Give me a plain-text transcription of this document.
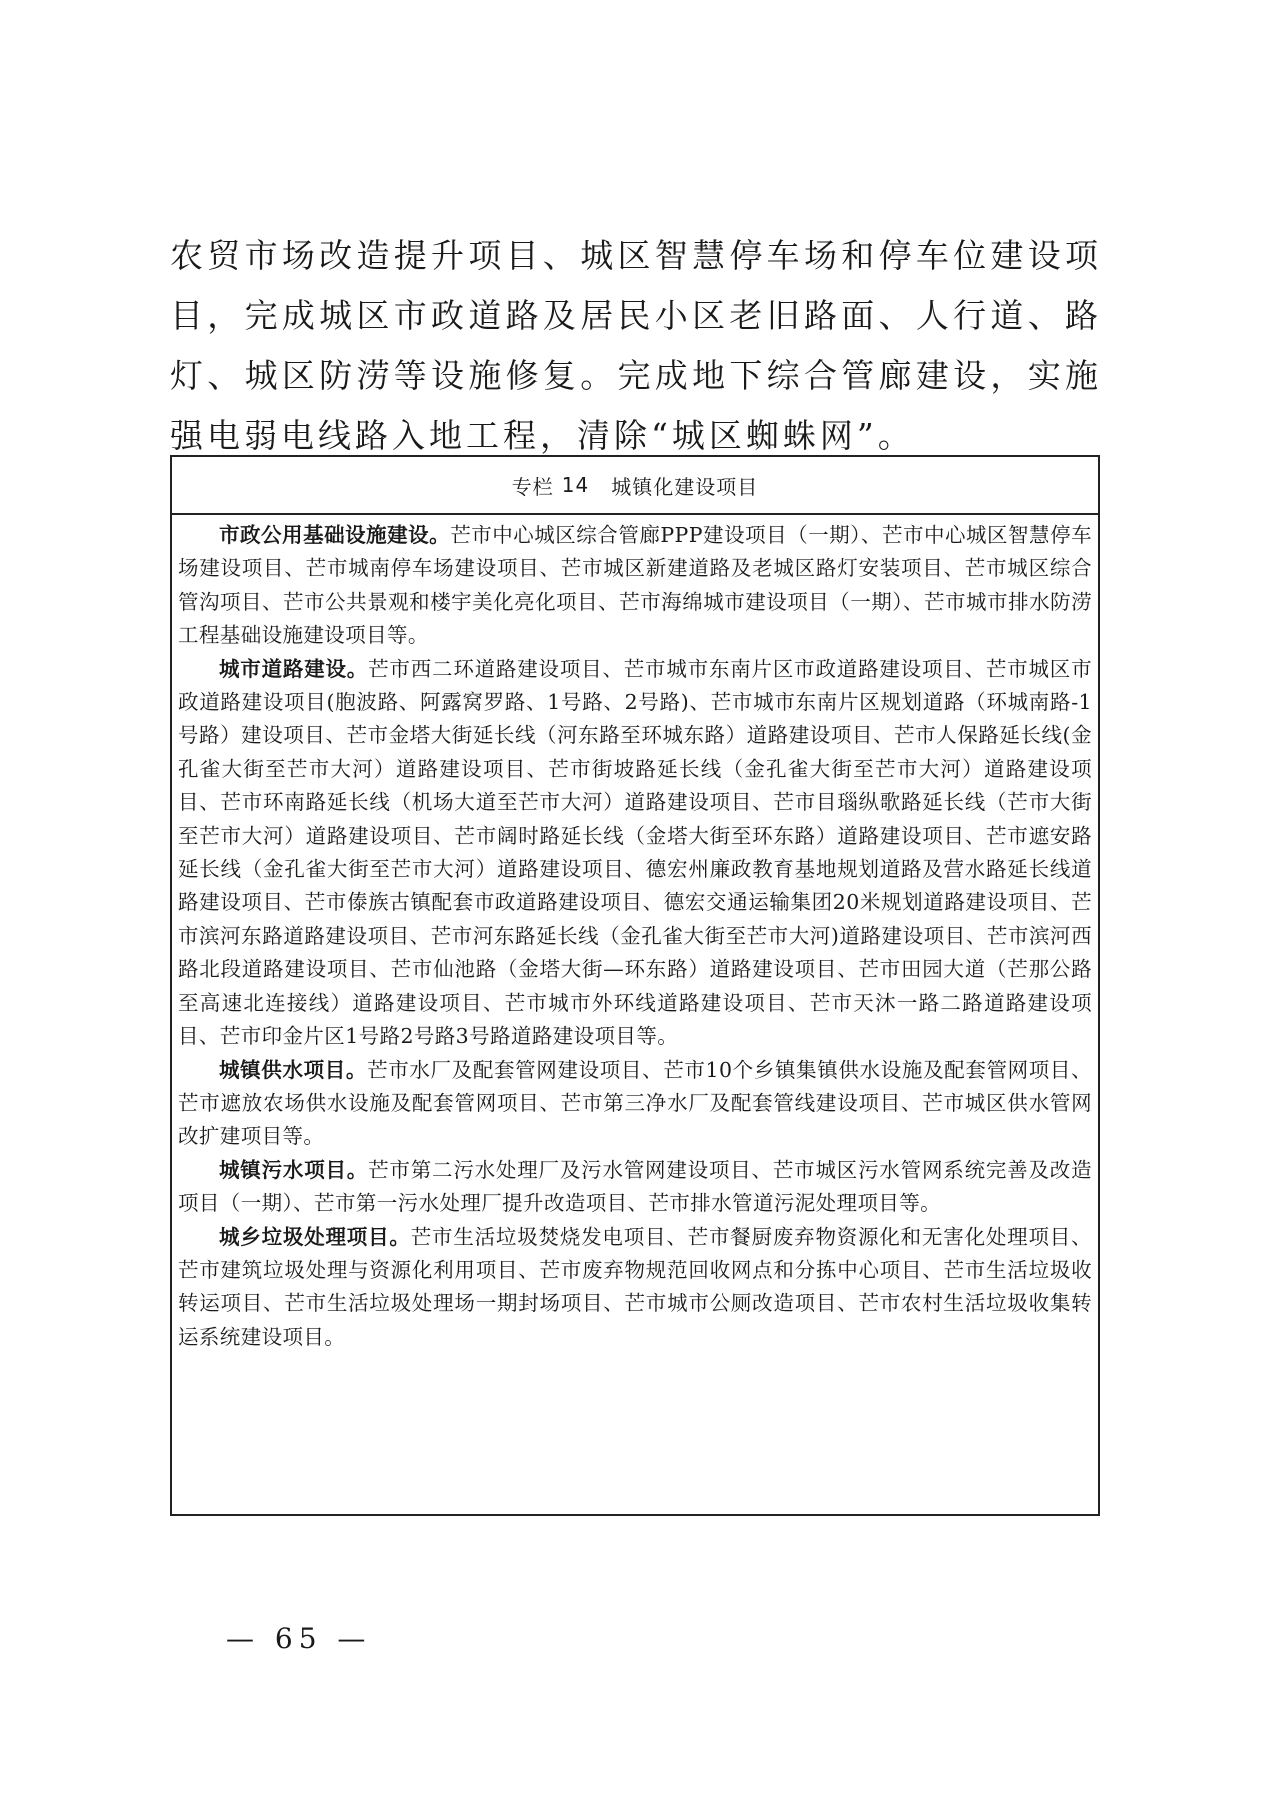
农贸市场改造提升项目、城区智慧停车场和停车位建设项目，完成城区市政道路及居民小区老旧路面、人行道、路灯、城区防涝等设施修复。完成地下综合管廊建设，实施强电弱电线路入地工程，清除“城区蜘蛛网”。

专栏 14 城镇化建设项目

市政公用基础设施建设。芒市中心城区综合管廊PPP建设项目（一期）、芒市中心城区智慧停车场建设项目、芒市城南停车场建设项目、芒市城区新建道路及老城区路灯安装项目、芒市城区综合管沟项目、芒市公共景观和楼宇美化亮化项目、芒市海绵城市建设项目（一期）、芒市城市排水防涝工程基础设施建设项目等。

城市道路建设。芒市西二环道路建设项目、芒市城市东南片区市政道路建设项目、芒市城区市政道路建设项目(胞波路、阿露窝罗路、1号路、2号路)、芒市城市东南片区规划道路（环城南路-1号路）建设项目、芒市金塔大街延长线（河东路至环城东路）道路建设项目、芒市人保路延长线(金孔雀大街至芒市大河）道路建设项目、芒市街坡路延长线（金孔雀大街至芒市大河）道路建设项目、芒市环南路延长线（机场大道至芒市大河）道路建设项目、芒市目瑙纵歌路延长线（芒市大街至芒市大河）道路建设项目、芒市阔时路延长线（金塔大街至环东路）道路建设项目、芒市遮安路延长线（金孔雀大街至芒市大河）道路建设项目、德宏州廉政教育基地规划道路及营水路延长线道路建设项目、芒市傣族古镇配套市政道路建设项目、德宏交通运输集团20米规划道路建设项目、芒市滨河东路道路建设项目、芒市河东路延长线（金孔雀大街至芒市大河)道路建设项目、芒市滨河西路北段道路建设项目、芒市仙池路（金塔大街—环东路）道路建设项目、芒市田园大道（芒那公路至高速北连接线）道路建设项目、芒市城市外环线道路建设项目、芒市天沐一路二路道路建设项目、芒市印金片区1号路2号路3号路道路建设项目等。

城镇供水项目。芒市水厂及配套管网建设项目、芒市10个乡镇集镇供水设施及配套管网项目、芒市遮放农场供水设施及配套管网项目、芒市第三净水厂及配套管线建设项目、芒市城区供水管网改扩建项目等。

城镇污水项目。芒市第二污水处理厂及污水管网建设项目、芒市城区污水管网系统完善及改造项目（一期）、芒市第一污水处理厂提升改造项目、芒市排水管道污泥处理项目等。

城乡垃圾处理项目。芒市生活垃圾焚烧发电项目、芒市餐厨废弃物资源化和无害化处理项目、芒市建筑垃圾处理与资源化利用项目、芒市废弃物规范回收网点和分拣中心项目、芒市生活垃圾收转运项目、芒市生活垃圾处理场一期封场项目、芒市城市公厕改造项目、芒市农村生活垃圾收集转运系统建设项目。

— 65 —
